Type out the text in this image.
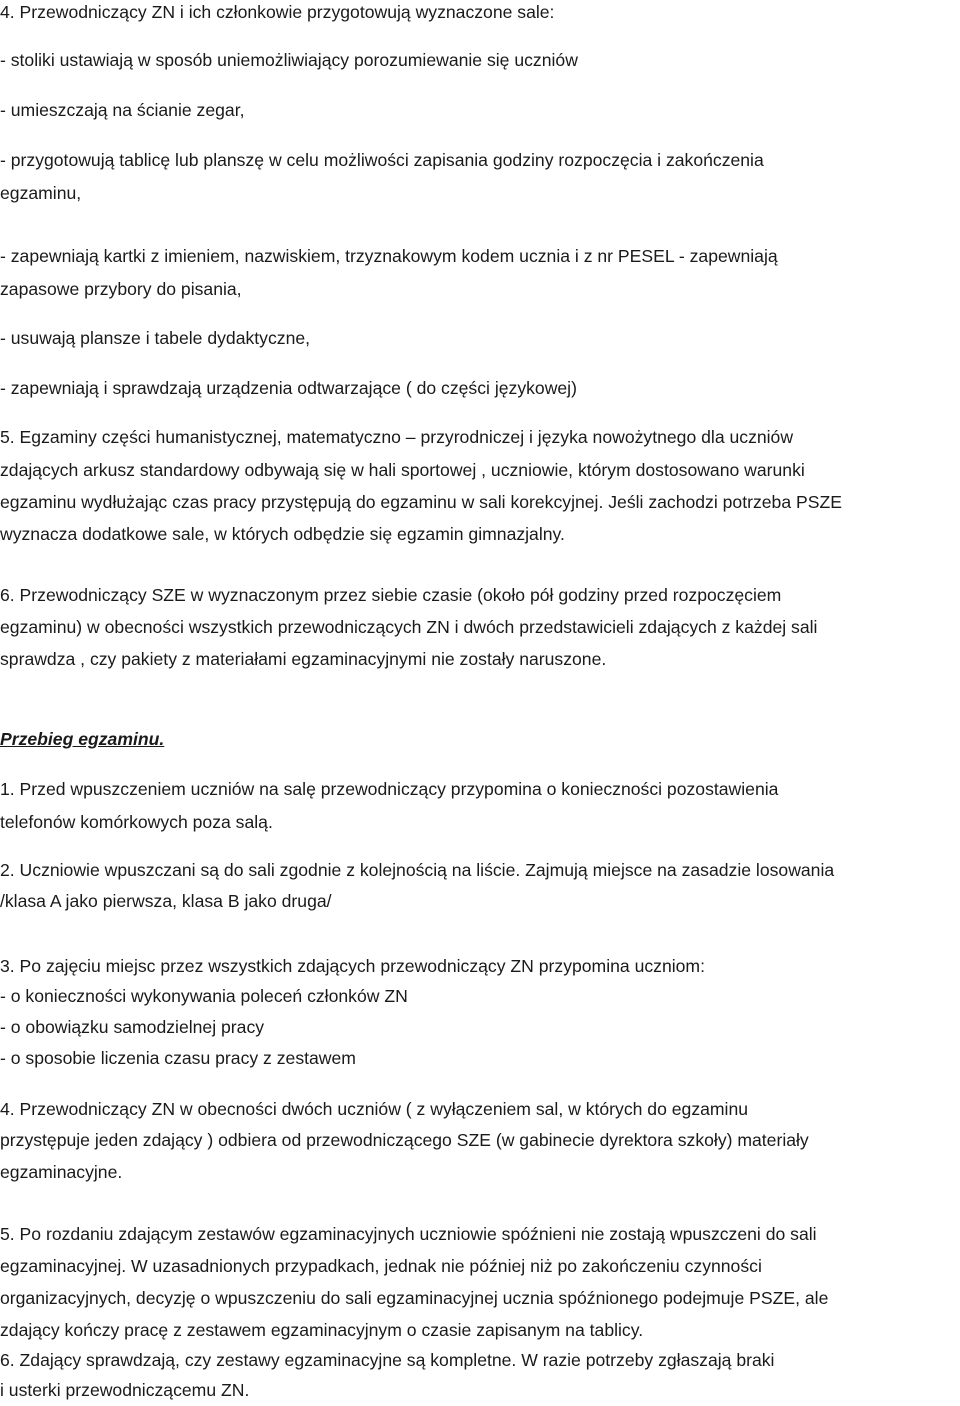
4. Przewodniczący ZN i ich członkowie przygotowują wyznaczone sale:

- stoliki ustawiają w sposób uniemożliwiający porozumiewanie się uczniów

- umieszczają na ścianie zegar,

- przygotowują tablicę lub planszę w celu możliwości zapisania godziny rozpoczęcia i zakończenia

egzaminu,

- zapewniają kartki z imieniem, nazwiskiem, trzyznakowym kodem ucznia i z nr PESEL - zapewniają

zapasowe przybory do pisania,

- usuwają plansze i tabele dydaktyczne,

- zapewniają i sprawdzają urządzenia odtwarzające ( do części językowej)

5. Egzaminy części humanistycznej, matematyczno – przyrodniczej i języka nowożytnego dla uczniów

zdających arkusz standardowy odbywają się w hali sportowej , uczniowie, którym dostosowano warunki

egzaminu wydłużając czas pracy przystępują do egzaminu w sali korekcyjnej. Jeśli zachodzi potrzeba PSZE

wyznacza dodatkowe sale, w których odbędzie się egzamin gimnazjalny.

6. Przewodniczący SZE w wyznaczonym przez siebie czasie (około pół godziny przed rozpoczęciem

egzaminu) w obecności wszystkich przewodniczących ZN i dwóch przedstawicieli zdających z każdej sali

sprawdza , czy pakiety z materiałami egzaminacyjnymi nie zostały naruszone.

Przebieg egzaminu.

1. Przed wpuszczeniem uczniów na salę przewodniczący przypomina o konieczności pozostawienia

telefonów komórkowych poza salą.

2. Uczniowie wpuszczani są do sali zgodnie z kolejnością na liście. Zajmują miejsce na zasadzie losowania

/klasa A jako pierwsza, klasa B jako druga/

3. Po zajęciu miejsc przez wszystkich zdających przewodniczący ZN przypomina uczniom:

- o konieczności wykonywania poleceń członków ZN

- o obowiązku samodzielnej pracy

- o sposobie liczenia czasu pracy z zestawem

4. Przewodniczący ZN w obecności dwóch uczniów ( z wyłączeniem sal, w których do egzaminu

przystępuje jeden zdający ) odbiera od przewodniczącego SZE (w gabinecie dyrektora szkoły) materiały

egzaminacyjne.

5. Po rozdaniu zdającym zestawów egzaminacyjnych uczniowie spóźnieni nie zostają wpuszczeni do sali

egzaminacyjnej. W uzasadnionych przypadkach, jednak nie później niż po zakończeniu czynności

organizacyjnych, decyzję o wpuszczeniu do sali egzaminacyjnej ucznia spóźnionego podejmuje PSZE, ale

zdający kończy pracę z zestawem egzaminacyjnym o czasie zapisanym na tablicy.

6. Zdający sprawdzają, czy zestawy egzaminacyjne są kompletne. W razie potrzeby zgłaszają braki

i usterki przewodniczącemu ZN.
